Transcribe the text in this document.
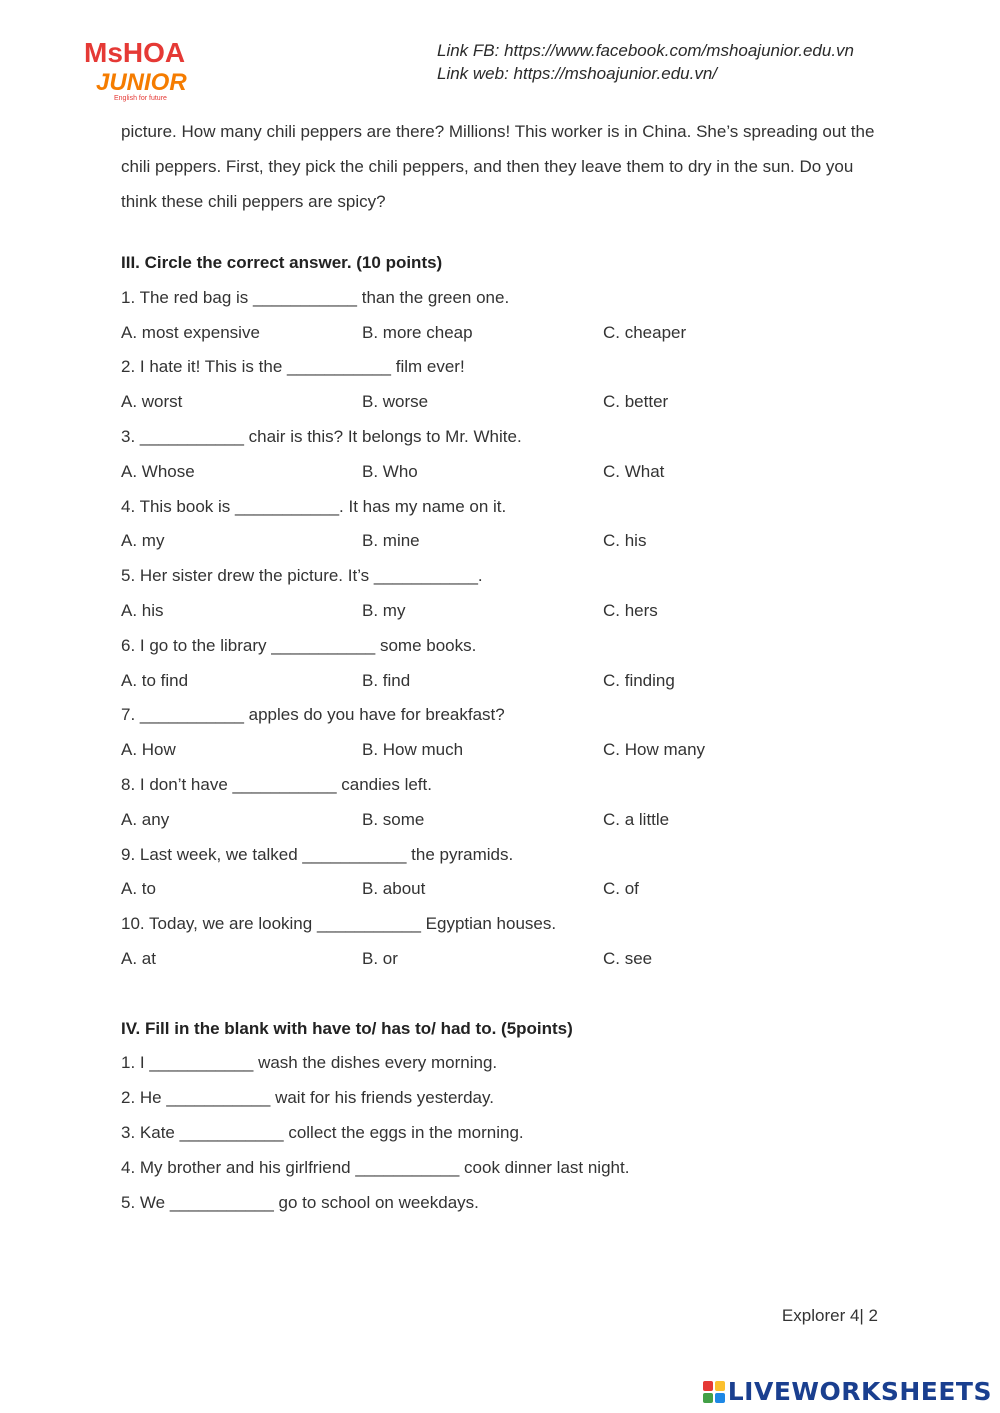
MsHOA
JUNIOR
English for future
Link FB: https://www.facebook.com/mshoajunior.edu.vn
Link web: https://mshoajunior.edu.vn/

picture. How many chili peppers are there? Millions! This worker is in China. She’s spreading out the chili peppers. First, they pick the chili peppers, and then they leave them to dry in the sun. Do you think these chili peppers are spicy?

III. Circle the correct answer. (10 points)
1. The red bag is ___________ than the green one.
A. most expensive	B. more cheap	C. cheaper
2. I hate it! This is the ___________ film ever!
A. worst	B. worse	C. better
3. ___________ chair is this? It belongs to Mr. White.
A. Whose	B. Who	C. What
4. This book is ___________. It has my name on it.
A. my	B. mine	C. his
5. Her sister drew the picture. It’s ___________.
A. his	B. my	C. hers
6. I go to the library ___________ some books.
A. to find	B. find	C. finding
7. ___________ apples do you have for breakfast?
A. How	B. How much	C. How many
8. I don’t have ___________ candies left.
A. any	B. some	C. a little
9. Last week, we talked ___________ the pyramids.
A. to	B. about	C. of
10. Today, we are looking ___________ Egyptian houses.
A. at	B. or	C. see
IV. Fill in the blank with have to/ has to/ had to. (5points)
1. I ___________ wash the dishes every morning.
2. He ___________ wait for his friends yesterday.
3. Kate ___________ collect the eggs in the morning.
4. My brother and his girlfriend ___________ cook dinner last night.
5. We ___________ go to school on weekdays.
Explorer 4| 2
LIVEWORKSHEETS
